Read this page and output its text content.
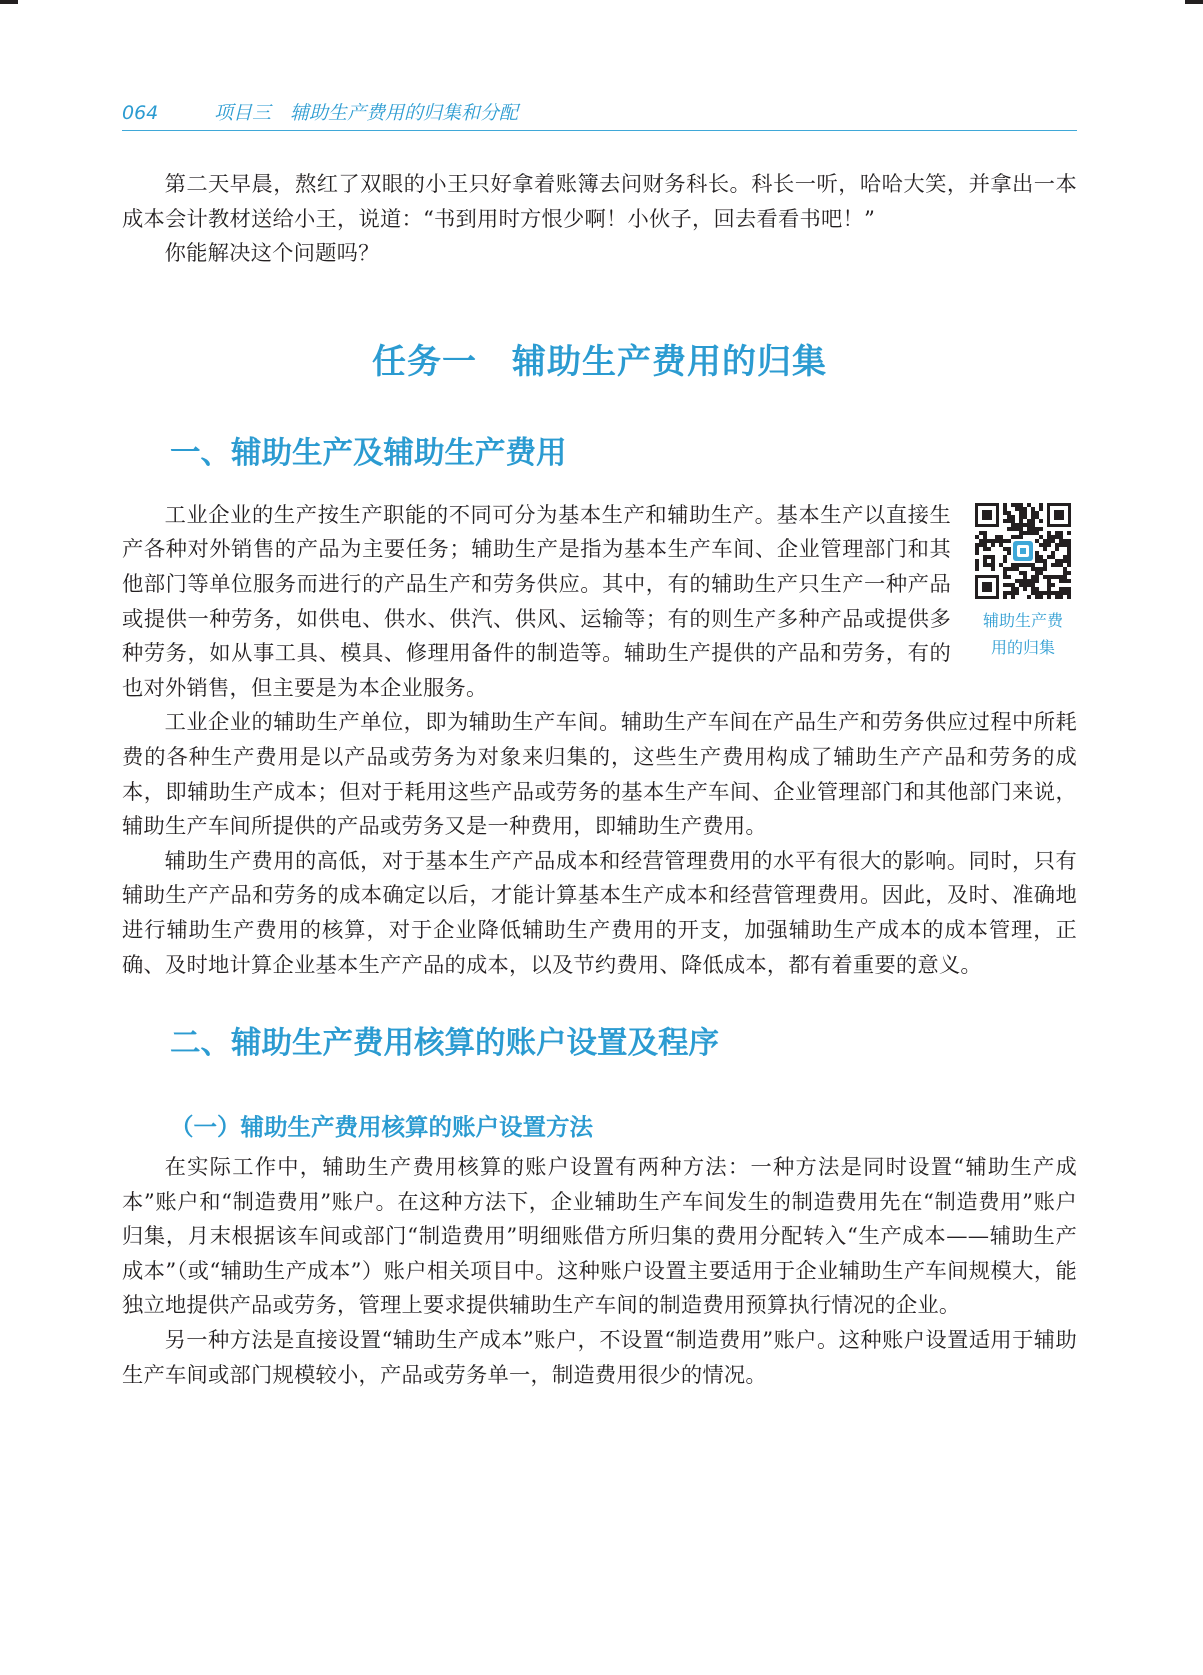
064	项目三　辅助生产费用的归集和分配

第二天早晨，熬红了双眼的小王只好拿着账簿去问财务科长。科长一听，哈哈大笑，并拿出一本成本会计教材送给小王，说道：“书到用时方恨少啊！小伙子，回去看看书吧！”

你能解决这个问题吗？

任务一　辅助生产费用的归集
一、辅助生产及辅助生产费用
辅助生产费
用的归集

工业企业的生产按生产职能的不同可分为基本生产和辅助生产。基本生产以直接生产各种对外销售的产品为主要任务；辅助生产是指为基本生产车间、企业管理部门和其他部门等单位服务而进行的产品生产和劳务供应。其中，有的辅助生产只生产一种产品或提供一种劳务，如供电、供水、供汽、供风、运输等；有的则生产多种产品或提供多种劳务，如从事工具、模具、修理用备件的制造等。辅助生产提供的产品和劳务，有的也对外销售，但主要是为本企业服务。

工业企业的辅助生产单位，即为辅助生产车间。辅助生产车间在产品生产和劳务供应过程中所耗费的各种生产费用是以产品或劳务为对象来归集的，这些生产费用构成了辅助生产产品和劳务的成本，即辅助生产成本；但对于耗用这些产品或劳务的基本生产车间、企业管理部门和其他部门来说，辅助生产车间所提供的产品或劳务又是一种费用，即辅助生产费用。

辅助生产费用的高低，对于基本生产产品成本和经营管理费用的水平有很大的影响。同时，只有辅助生产产品和劳务的成本确定以后，才能计算基本生产成本和经营管理费用。因此，及时、准确地进行辅助生产费用的核算，对于企业降低辅助生产费用的开支，加强辅助生产成本的成本管理，正确、及时地计算企业基本生产产品的成本，以及节约费用、降低成本，都有着重要的意义。

二、辅助生产费用核算的账户设置及程序
（一）辅助生产费用核算的账户设置方法

在实际工作中，辅助生产费用核算的账户设置有两种方法：一种方法是同时设置“辅助生产成本”账户和“制造费用”账户。在这种方法下，企业辅助生产车间发生的制造费用先在“制造费用”账户归集，月末根据该车间或部门“制造费用”明细账借方所归集的费用分配转入“生产成本——辅助生产成本”（或“辅助生产成本”）账户相关项目中。这种账户设置主要适用于企业辅助生产车间规模大，能独立地提供产品或劳务，管理上要求提供辅助生产车间的制造费用预算执行情况的企业。

另一种方法是直接设置“辅助生产成本”账户，不设置“制造费用”账户。这种账户设置适用于辅助生产车间或部门规模较小，产品或劳务单一，制造费用很少的情况。
